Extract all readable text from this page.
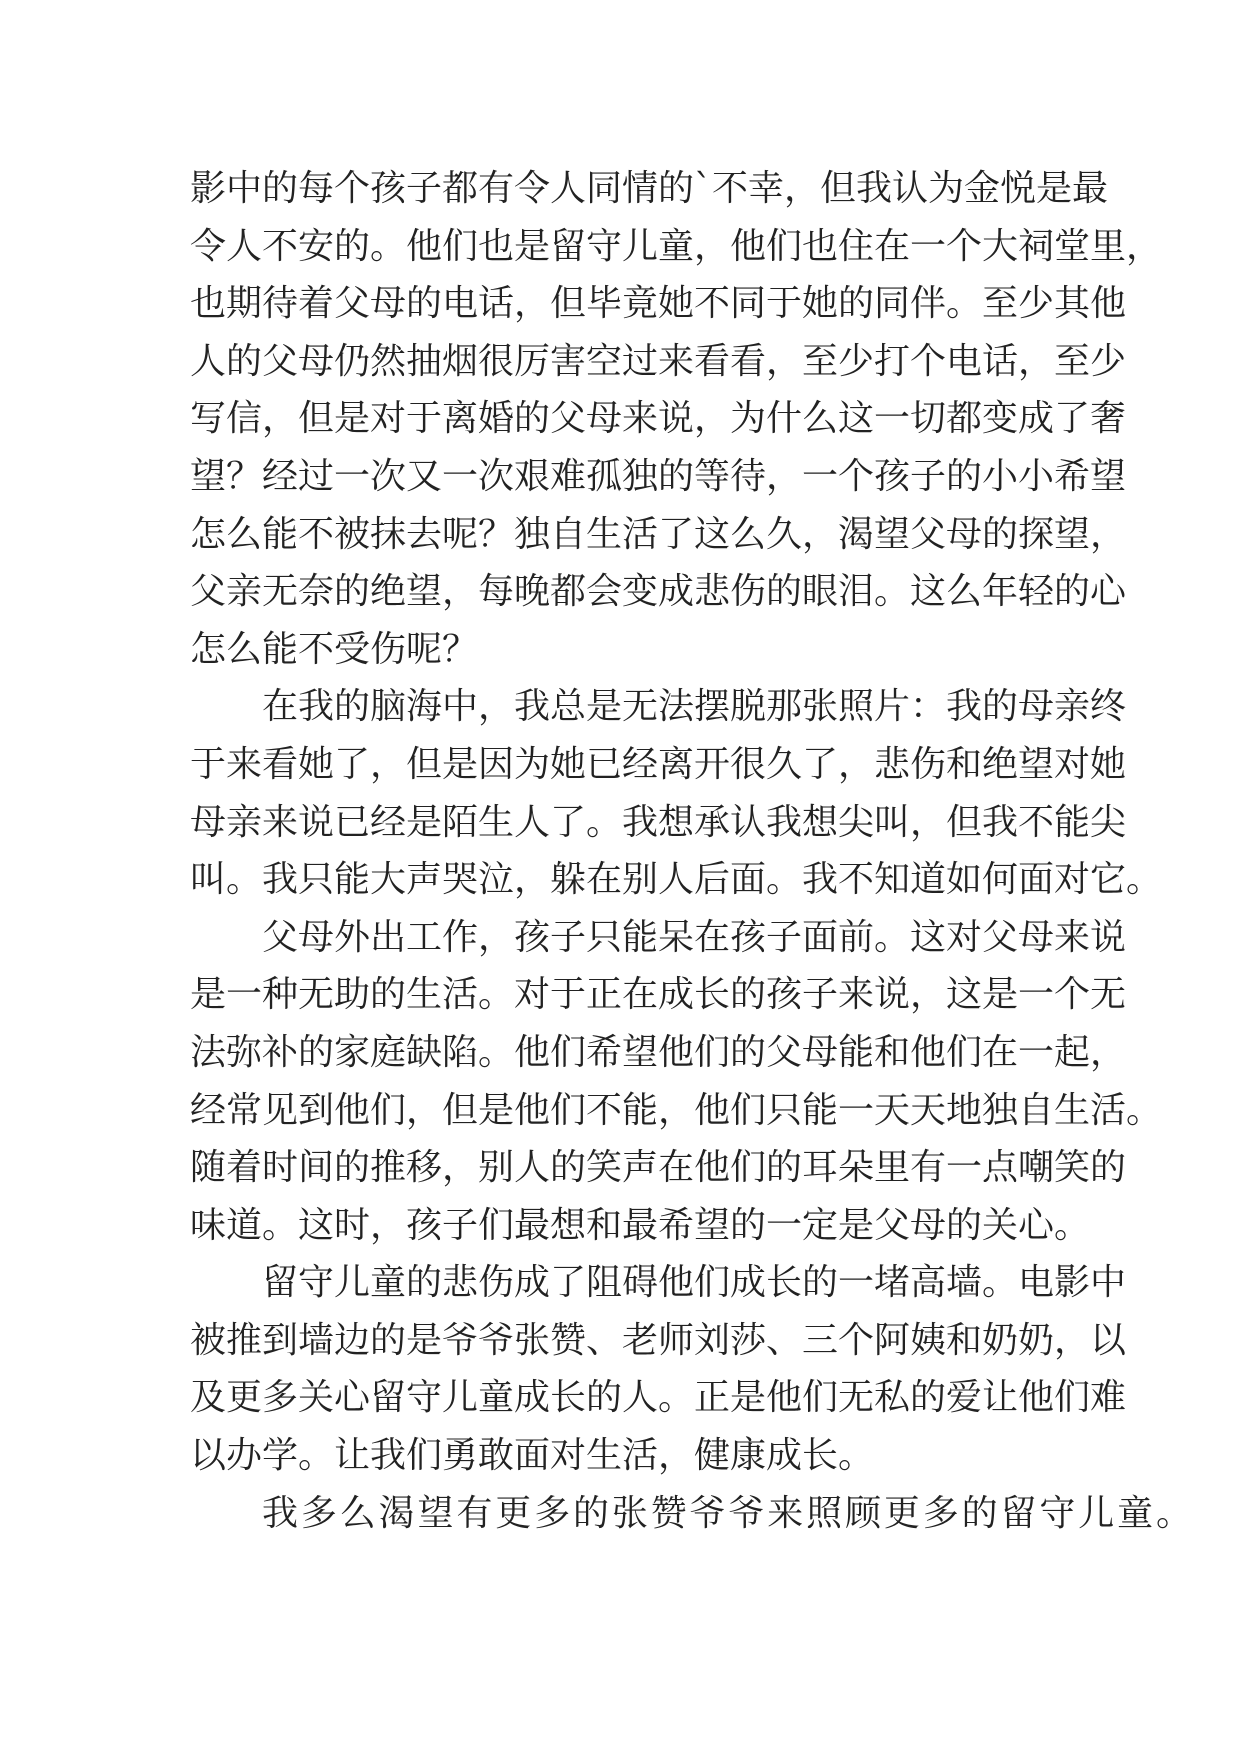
影中的每个孩子都有令人同情的`不幸，但我认为金悦是最
令人不安的。他们也是留守儿童，他们也住在一个大祠堂里，
也期待着父母的电话，但毕竟她不同于她的同伴。至少其他
人的父母仍然抽烟很厉害空过来看看，至少打个电话，至少
写信，但是对于离婚的父母来说，为什么这一切都变成了奢
望？经过一次又一次艰难孤独的等待，一个孩子的小小希望
怎么能不被抹去呢？独自生活了这么久，渴望父母的探望，
父亲无奈的绝望，每晚都会变成悲伤的眼泪。这么年轻的心
怎么能不受伤呢？
在我的脑海中，我总是无法摆脱那张照片：我的母亲终
于来看她了，但是因为她已经离开很久了，悲伤和绝望对她
母亲来说已经是陌生人了。我想承认我想尖叫，但我不能尖
叫。我只能大声哭泣，躲在别人后面。我不知道如何面对它。
父母外出工作，孩子只能呆在孩子面前。这对父母来说
是一种无助的生活。对于正在成长的孩子来说，这是一个无
法弥补的家庭缺陷。他们希望他们的父母能和他们在一起，
经常见到他们，但是他们不能，他们只能一天天地独自生活。
随着时间的推移，别人的笑声在他们的耳朵里有一点嘲笑的
味道。这时，孩子们最想和最希望的一定是父母的关心。
留守儿童的悲伤成了阻碍他们成长的一堵高墙。电影中
被推到墙边的是爷爷张赞、老师刘莎、三个阿姨和奶奶，以
及更多关心留守儿童成长的人。正是他们无私的爱让他们难
以办学。让我们勇敢面对生活，健康成长。
我多么渴望有更多的张赞爷爷来照顾更多的留守儿童。
